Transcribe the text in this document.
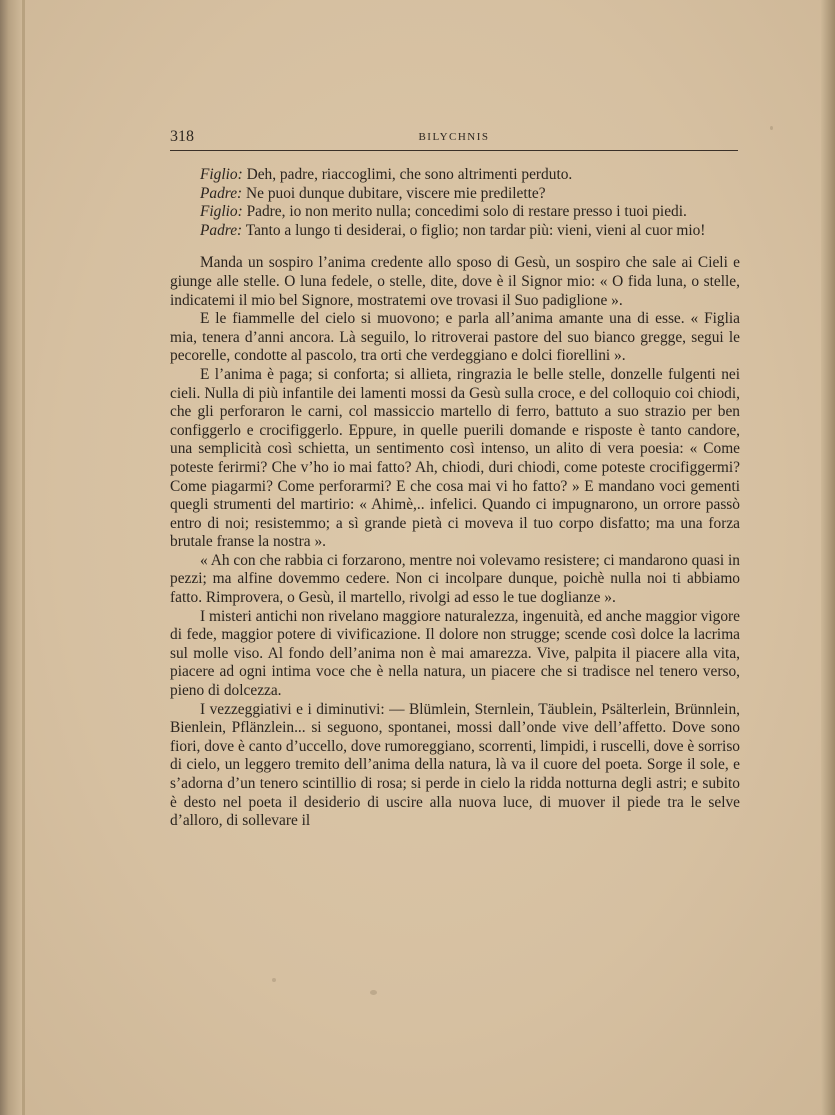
318	BILYCHNIS

Figlio: Deh, padre, riaccoglimi, che sono altrimenti perduto.

Padre: Ne puoi dunque dubitare, viscere mie predilette?

Figlio: Padre, io non merito nulla; concedimi solo di restare presso i tuoi piedi.

Padre: Tanto a lungo ti desiderai, o figlio; non tardar più: vieni, vieni al cuor mio!

Manda un sospiro l’anima credente allo sposo di Gesù, un sospiro che sale ai Cieli e giunge alle stelle. O luna fedele, o stelle, dite, dove è il Signor mio: « O fida luna, o stelle, indicatemi il mio bel Signore, mostratemi ove trovasi il Suo padiglione ».

E le fiammelle del cielo si muovono; e parla all’anima amante una di esse. « Figlia mia, tenera d’anni ancora. Là seguilo, lo ritroverai pastore del suo bianco gregge, segui le pecorelle, condotte al pascolo, tra orti che verdeggiano e dolci fiorellini ».

E l’anima è paga; si conforta; si allieta, ringrazia le belle stelle, donzelle fulgenti nei cieli. Nulla di più infantile dei lamenti mossi da Gesù sulla croce, e del colloquio coi chiodi, che gli perforaron le carni, col massiccio martello di ferro, battuto a suo strazio per ben configgerlo e crocifiggerlo. Eppure, in quelle puerili domande e risposte è tanto candore, una semplicità così schietta, un sentimento così intenso, un alito di vera poesia: « Come poteste ferirmi? Che v’ho io mai fatto? Ah, chiodi, duri chiodi, come poteste crocifiggermi? Come piagarmi? Come perforarmi? E che cosa mai vi ho fatto? » E mandano voci gementi quegli strumenti del martirio: « Ahimè,.. infelici. Quando ci impugnarono, un orrore passò entro di noi; resistemmo; a sì grande pietà ci moveva il tuo corpo disfatto; ma una forza brutale franse la nostra ».

« Ah con che rabbia ci forzarono, mentre noi volevamo resistere; ci mandarono quasi in pezzi; ma alfine dovemmo cedere. Non ci incolpare dunque, poichè nulla noi ti abbiamo fatto. Rimprovera, o Gesù, il martello, rivolgi ad esso le tue doglianze ».

I misteri antichi non rivelano maggiore naturalezza, ingenuità, ed anche maggior vigore di fede, maggior potere di vivificazione. Il dolore non strugge; scende così dolce la lacrima sul molle viso. Al fondo dell’anima non è mai amarezza. Vive, palpita il piacere alla vita, piacere ad ogni intima voce che è nella natura, un piacere che si tradisce nel tenero verso, pieno di dolcezza.

I vezzeggiativi e i diminutivi: — Blümlein, Sternlein, Täublein, Psälterlein, Brünnlein, Bienlein, Pflänzlein... si seguono, spontanei, mossi dall’onde vive dell’affetto. Dove sono fiori, dove è canto d’uccello, dove rumoreggiano, scorrenti, limpidi, i ruscelli, dove è sorriso di cielo, un leggero tremito dell’anima della natura, là va il cuore del poeta. Sorge il sole, e s’adorna d’un tenero scintillio di rosa; si perde in cielo la ridda notturna degli astri; e subito è desto nel poeta il desiderio di uscire alla nuova luce, di muover il piede tra le selve d’alloro, di sollevare il
